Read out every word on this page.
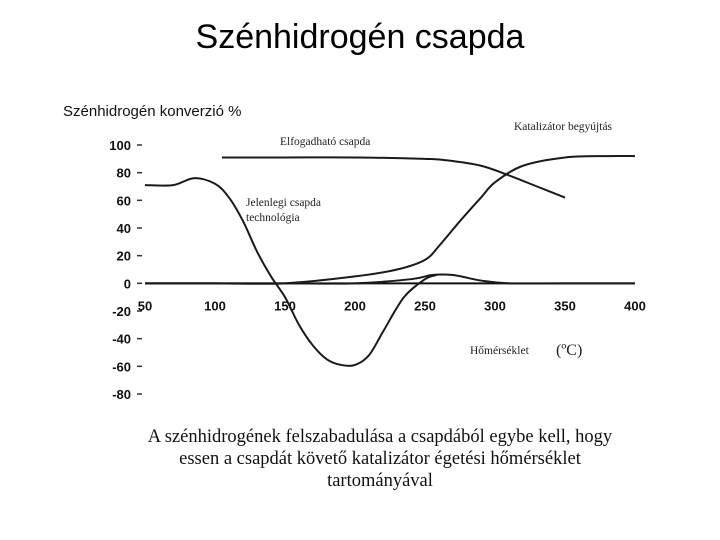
Szénhidrogén csapda
Szénhidrogén konverzió %
100
80
60
40
20
0
-20
-40
-60
-80
50	100	150	200	250	300	350	400
Elfogadható csapda
Katalizátor begyújtás
Jelenlegi csapda
technológia
Hőmérséklet (ºC)
A szénhidrogének felszabadulása a csapdából egybe kell, hogy
essen a csapdát követő katalizátor égetési hőmérséklet
tartományával
